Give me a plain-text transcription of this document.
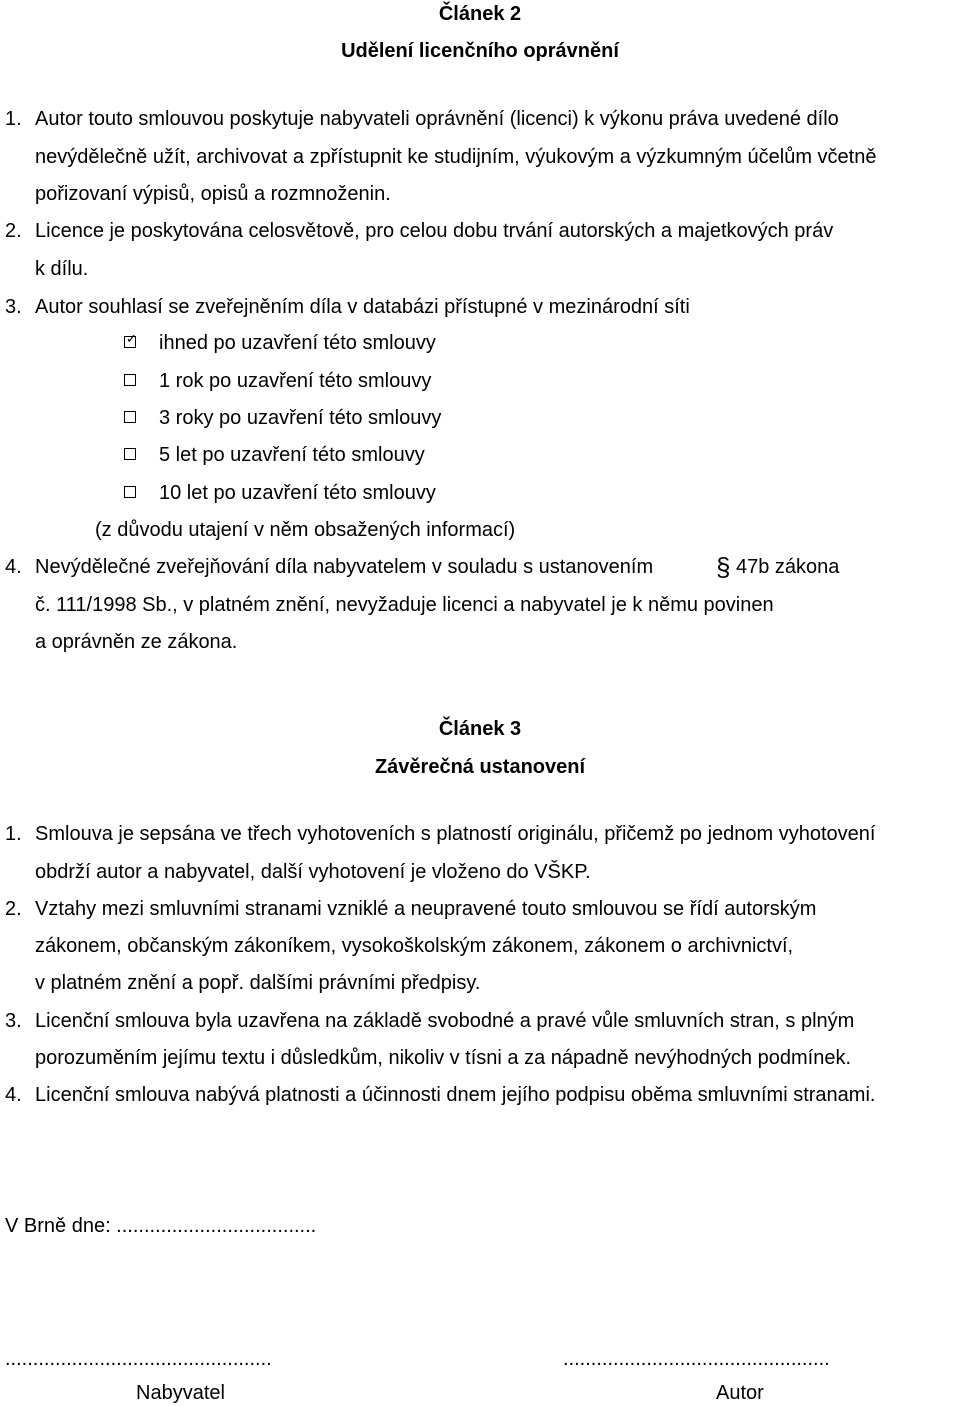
Článek 2
Udělení licenčního oprávnění
1. Autor touto smlouvou poskytuje nabyvateli oprávnění (licenci) k výkonu práva uvedené dílo
nevýdělečně užít, archivovat a zpřístupnit ke studijním, výukovým a výzkumným účelům včetně
pořizovaní výpisů, opisů a rozmnoženin.
2. Licence je poskytována celosvětově, pro celou dobu trvání autorských a majetkových práv
k dílu.
3. Autor souhlasí se zveřejněním díla v databázi přístupné v mezinárodní síti
✓ ihned po uzavření této smlouvy
1 rok po uzavření této smlouvy
3 roky po uzavření této smlouvy
5 let po uzavření této smlouvy
10 let po uzavření této smlouvy
(z důvodu utajení v něm obsažených informací)
4. Nevýdělečné zveřejňování díla nabyvatelem v souladu s ustanovením § 47b zákona
č. 111/1998 Sb., v platném znění, nevyžaduje licenci a nabyvatel je k němu povinen
a oprávněn ze zákona.
Článek 3
Závěrečná ustanovení
1. Smlouva je sepsána ve třech vyhotoveních s platností originálu, přičemž po jednom vyhotovení
obdrží autor a nabyvatel, další vyhotovení je vloženo do VŠKP.
2. Vztahy mezi smluvními stranami vzniklé a neupravené touto smlouvou se řídí autorským
zákonem, občanským zákoníkem, vysokoškolským zákonem, zákonem o archivnictví,
v platném znění a popř. dalšími právními předpisy.
3. Licenční smlouva byla uzavřena na základě svobodné a pravé vůle smluvních stran, s plným
porozuměním jejímu textu i důsledkům, nikoliv v tísni a za nápadně nevýhodných podmínek.
4. Licenční smlouva nabývá platnosti a účinnosti dnem jejího podpisu oběma smluvními stranami.
V Brně dne: ....................................
................................................	................................................
Nabyvatel	Autor
